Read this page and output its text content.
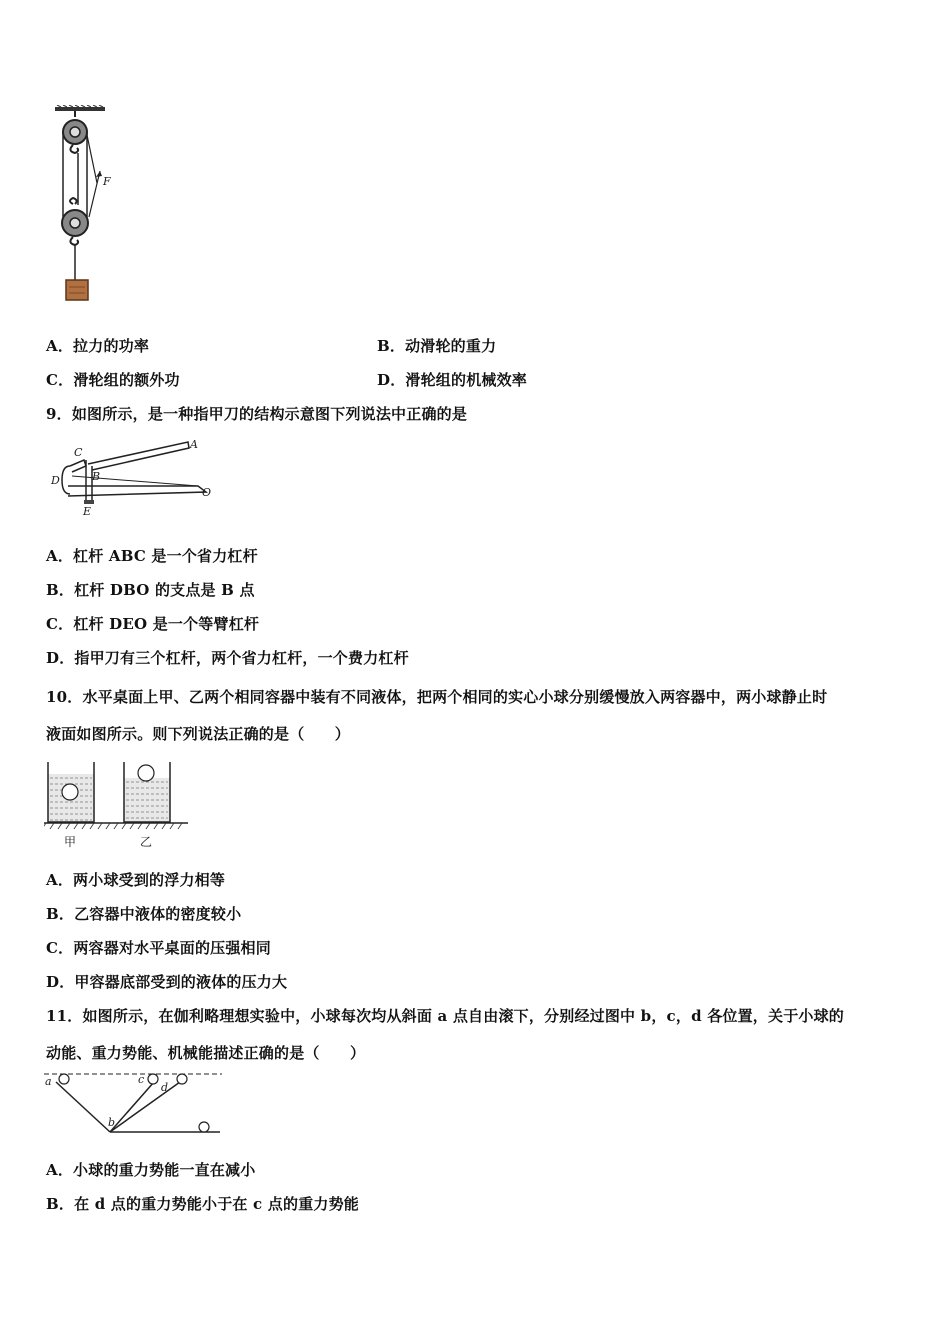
F
A．拉力的功率	B．动滑轮的重力
C．滑轮组的额外功	D．滑轮组的机械效率
9．如图所示，是一种指甲刀的结构示意图下列说法中正确的是
A
B
C
D
E
O
A．杠杆 ABC 是一个省力杠杆
B．杠杆 DBO 的支点是 B 点
C．杠杆 DEO 是一个等臂杠杆
D．指甲刀有三个杠杆，两个省力杠杆，一个费力杠杆
10．水平桌面上甲、乙两个相同容器中装有不同液体，把两个相同的实心小球分别缓慢放入两容器中，两小球静止时
液面如图所示。则下列说法正确的是（　　）
甲	乙
A．两小球受到的浮力相等
B．乙容器中液体的密度较小
C．两容器对水平桌面的压强相同
D．甲容器底部受到的液体的压力大
11．如图所示，在伽利略理想实验中，小球每次均从斜面 a 点自由滚下，分别经过图中 b，c，d 各位置，关于小球的
动能、重力势能、机械能描述正确的是（　　）
a
b
c
d
A．小球的重力势能一直在减小
B．在 d 点的重力势能小于在 c 点的重力势能
